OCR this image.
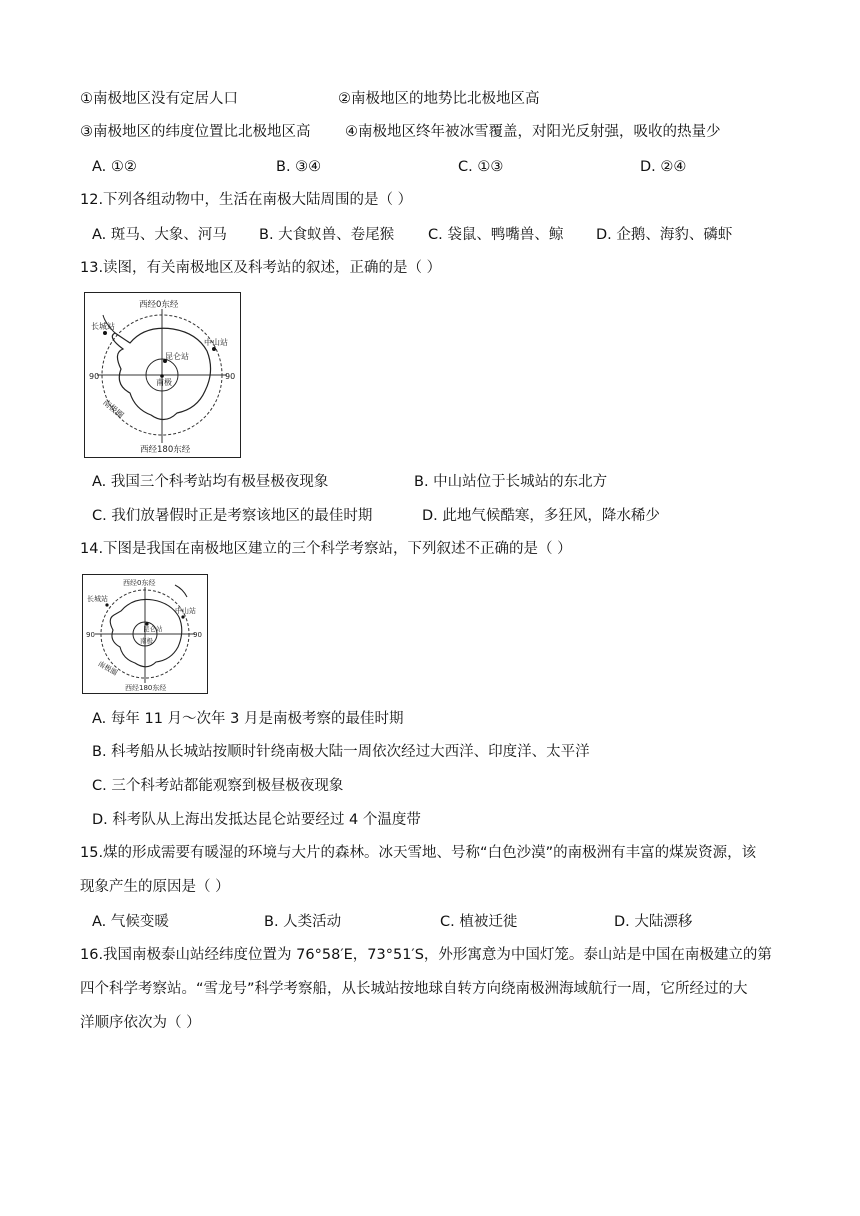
①南极地区没有定居人口	②南极地区的地势比北极地区高
③南极地区的纬度位置比北极地区高 ④南极地区终年被冰雪覆盖，对阳光反射强，吸收的热量少
A. ①②	B. ③④	C. ①③	D. ②④
12.下列各组动物中，生活在南极大陆周围的是（ ）
A. 斑马、大象、河马 B. 大食蚁兽、卷尾猴 C. 袋鼠、鸭嘴兽、鲸 D. 企鹅、海豹、磷虾
13.读图，有关南极地区及科考站的叙述，正确的是（ ）
西经0东经
西经180东经
90	90
长城站
中山站
昆仑站
南极
南极圈
A. 我国三个科考站均有极昼极夜现象	B. 中山站位于长城站的东北方
C. 我们放暑假时正是考察该地区的最佳时期	D. 此地气候酷寒，多狂风，降水稀少
14.下图是我国在南极地区建立的三个科学考察站，下列叙述不正确的是（ ）
西经0东经
西经180东经
90	90
长城站
中山站
昆仑站
南极
南极圈
A. 每年 11 月～次年 3 月是南极考察的最佳时期
B. 科考船从长城站按顺时针绕南极大陆一周依次经过大西洋、印度洋、太平洋
C. 三个科考站都能观察到极昼极夜现象
D. 科考队从上海出发抵达昆仑站要经过 4 个温度带
15.煤的形成需要有暖湿的环境与大片的森林。冰天雪地、号称“白色沙漠”的南极洲有丰富的煤炭资源，该
现象产生的原因是（ ）
A. 气候变暖	B. 人类活动	C. 植被迁徙	D. 大陆漂移
16.我国南极泰山站经纬度位置为 76°58′E，73°51′S，外形寓意为中国灯笼。泰山站是中国在南极建立的第
四个科学考察站。“雪龙号”科学考察船，从长城站按地球自转方向绕南极洲海域航行一周，它所经过的大
洋顺序依次为（ ）
